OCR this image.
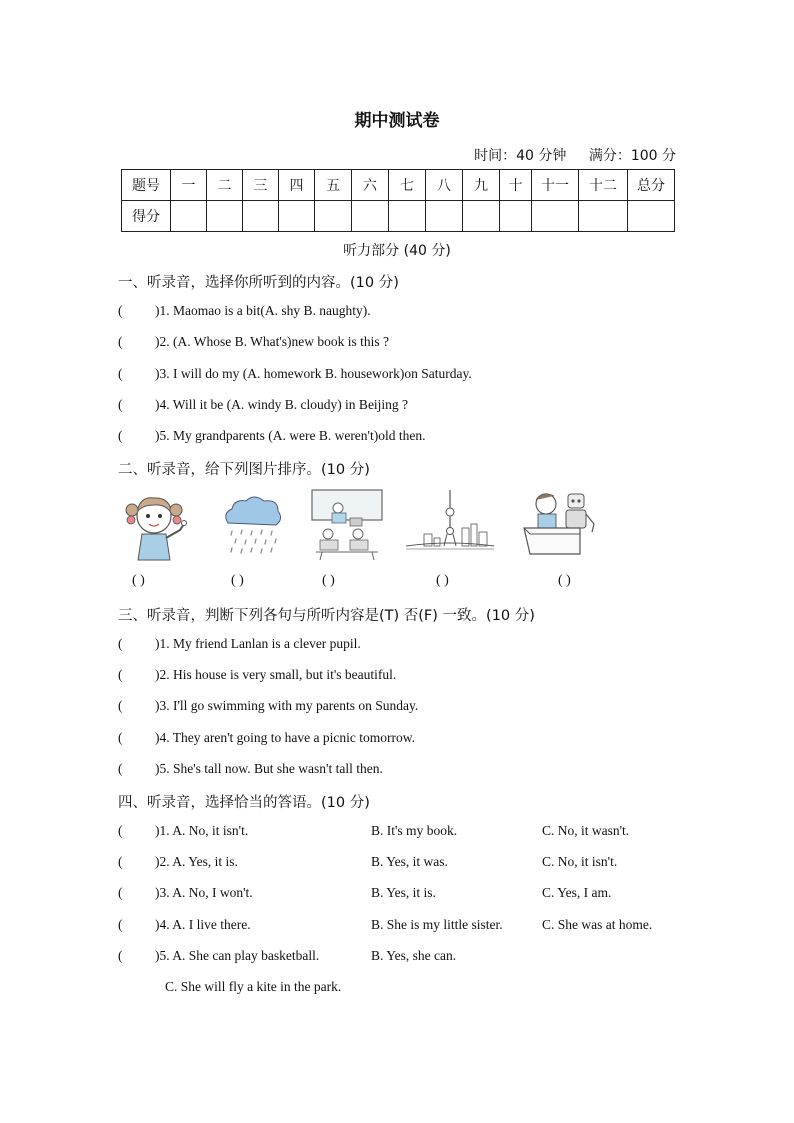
期中测试卷
时间：40 分钟 满分：100 分
题号	一	二	三	四	五	六	七	八	九	十	十一	十二	总分
得分													
听力部分 (40 分)
一、听录音，选择你所听到的内容。(10 分)
( )1. Maomao is a bit(A. shy B. naughty).
( )2. (A. Whose B. What's)new book is this ?
( )3. I will do my (A. homework B. housework)on Saturday.
( )4. Will it be (A. windy B. cloudy) in Beijing ?
( )5. My grandparents (A. were B. weren't)old then.
二、听录音，给下列图片排序。(10 分)
( )	( )	( )	( )	( )
三、听录音，判断下列各句与所听内容是(T) 否(F) 一致。(10 分)
( )1. My friend Lanlan is a clever pupil.
( )2. His house is very small, but it's beautiful.
( )3. I'll go swimming with my parents on Sunday.
( )4. They aren't going to have a picnic tomorrow.
( )5. She's tall now. But she wasn't tall then.
四、听录音，选择恰当的答语。(10 分)
( )1. A. No, it isn't.	B. It's my book.	C. No, it wasn't.
( )2. A. Yes, it is.	B. Yes, it was.	C. No, it isn't.
( )3. A. No, I won't.	B. Yes, it is.	C. Yes, I am.
( )4. A. I live there.	B. She is my little sister.	C. She was at home.
( )5. A. She can play basketball.	B. Yes, she can.
C. She will fly a kite in the park.
